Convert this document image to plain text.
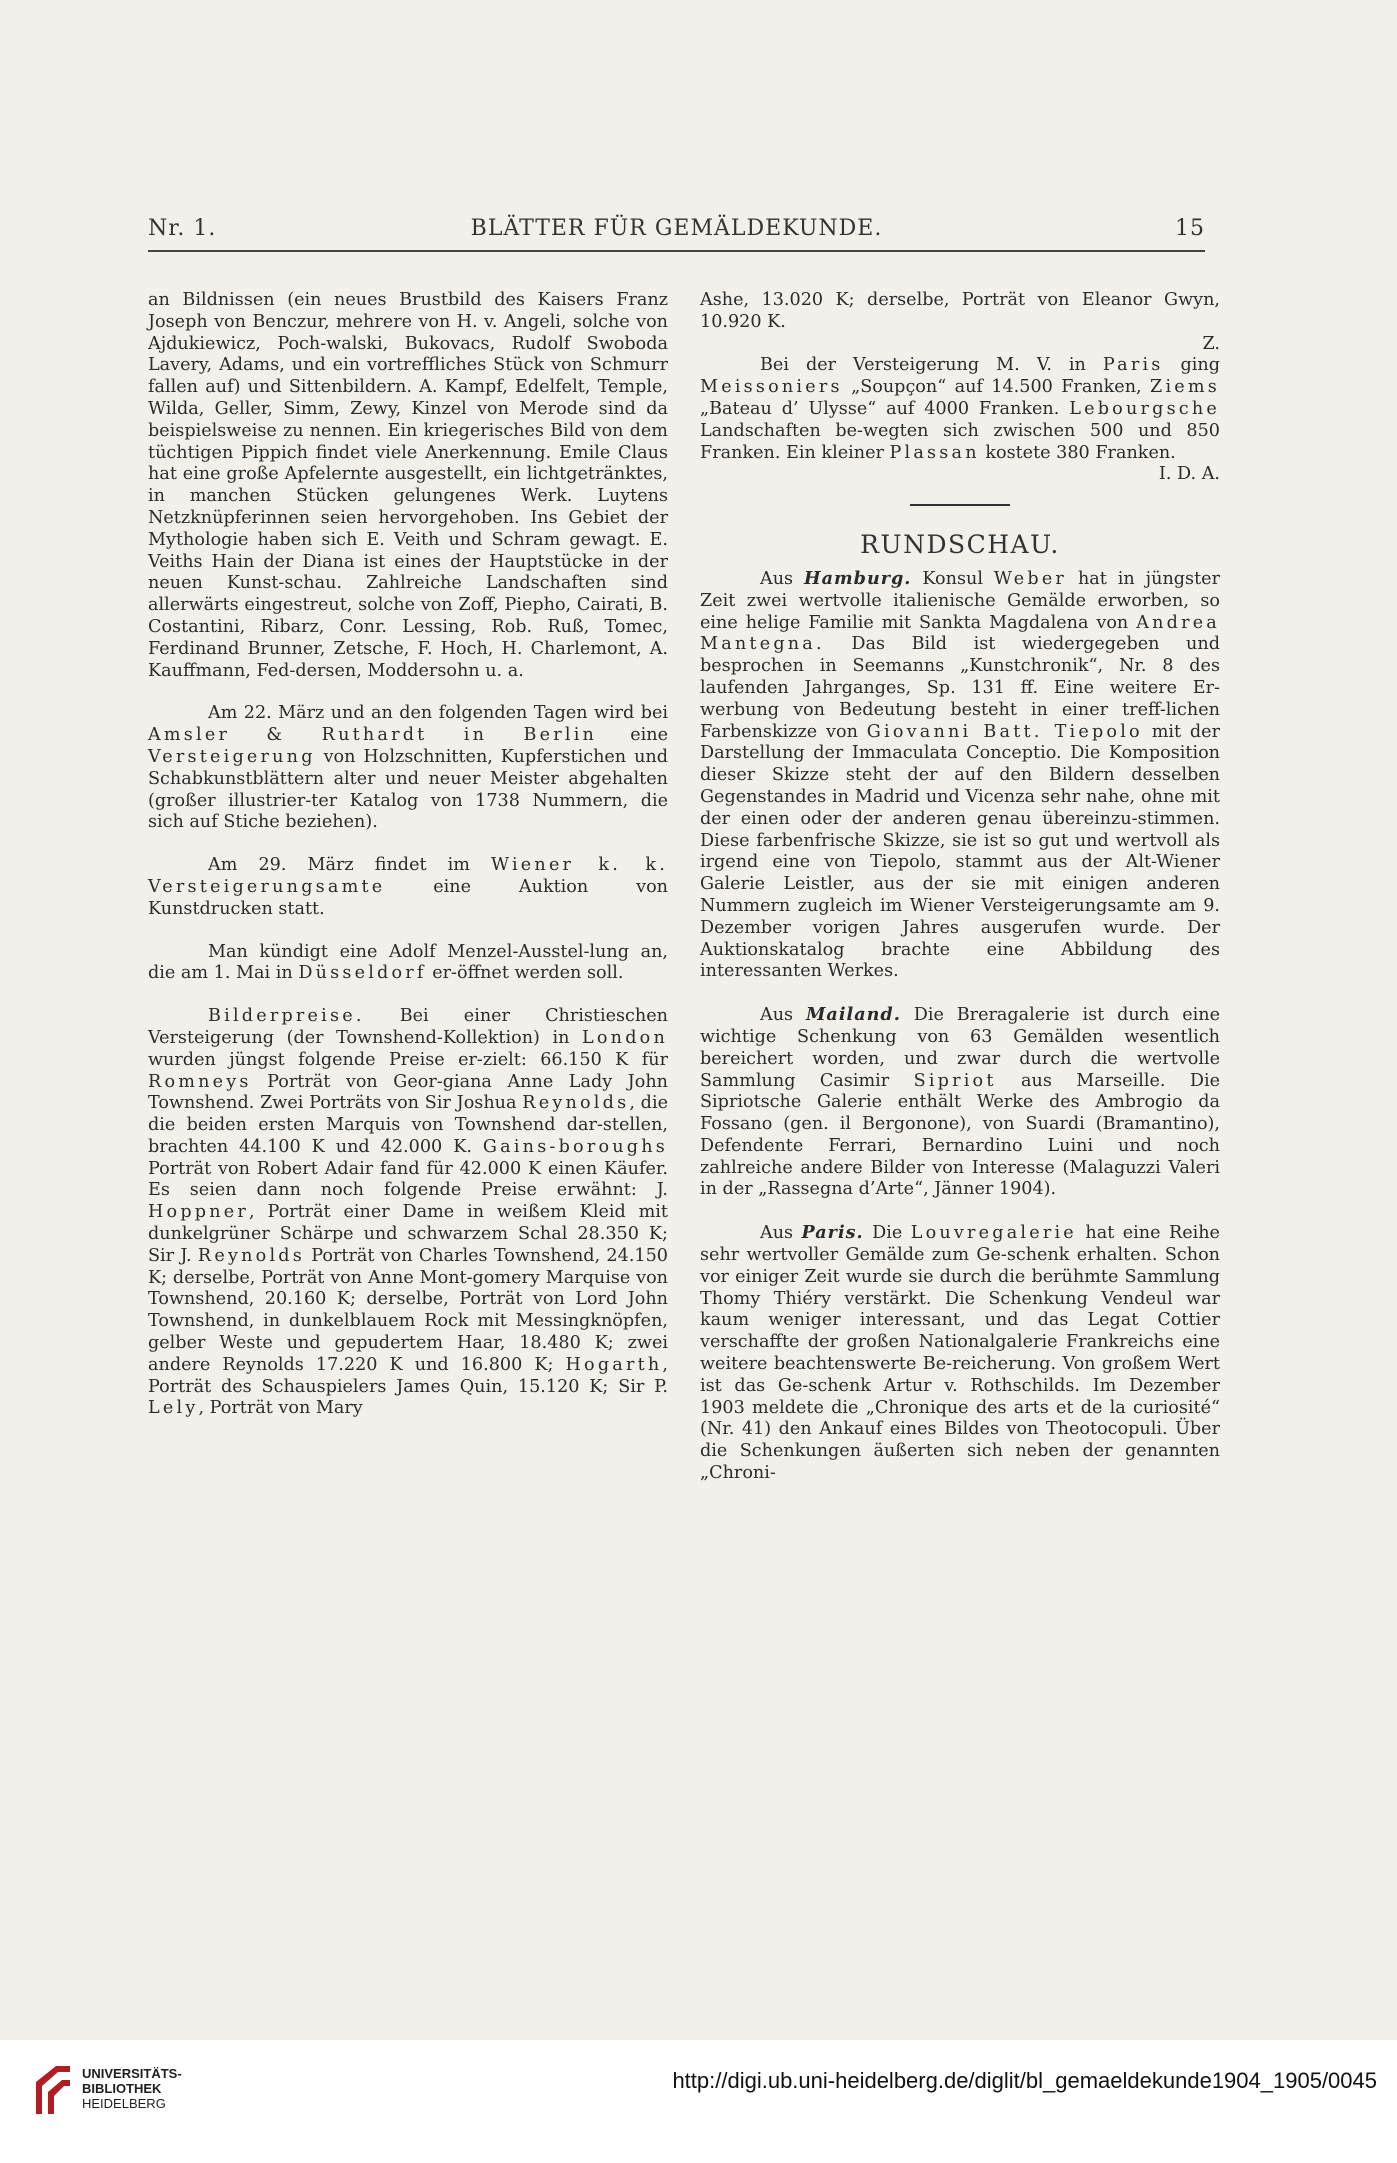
Nr. 1.	BLÄTTER FÜR GEMÄLDEKUNDE.	15

an Bildnissen (ein neues Brustbild des Kaisers Franz Joseph von Benczur, mehrere von H. v. Angeli, solche von Ajdukiewicz, Poch-walski, Bukovacs, Rudolf Swoboda Lavery, Adams, und ein vortreffliches Stück von Schmurr fallen auf) und Sittenbildern. A. Kampf, Edelfelt, Temple, Wilda, Geller, Simm, Zewy, Kinzel von Merode sind da beispielsweise zu nennen. Ein kriegerisches Bild von dem tüchtigen Pippich findet viele Anerkennung. Emile Claus hat eine große Apfelernte ausgestellt, ein lichtgetränktes, in manchen Stücken gelungenes Werk. Luytens Netzknüpferinnen seien hervorgehoben. Ins Gebiet der Mythologie haben sich E. Veith und Schram gewagt. E. Veiths Hain der Diana ist eines der Hauptstücke in der neuen Kunst-schau. Zahlreiche Landschaften sind allerwärts eingestreut, solche von Zoff, Piepho, Cairati, B. Costantini, Ribarz, Conr. Lessing, Rob. Ruß, Tomec, Ferdinand Brunner, Zetsche, F. Hoch, H. Charlemont, A. Kauffmann, Fed-dersen, Moddersohn u. a.

Am 22. März und an den folgenden Tagen wird bei Amsler & Ruthardt in Berlin eine Versteigerung von Holzschnitten, Kupferstichen und Schabkunstblättern alter und neuer Meister abgehalten (großer illustrier-ter Katalog von 1738 Nummern, die sich auf Stiche beziehen).

Am 29. März findet im Wiener k. k. Versteigerungsamte eine Auktion von Kunstdrucken statt.

Man kündigt eine Adolf Menzel-Ausstel-lung an, die am 1. Mai in Düsseldorf er-öffnet werden soll.

Bilderpreise. Bei einer Christieschen Versteigerung (der Townshend-Kollektion) in London wurden jüngst folgende Preise er-zielt: 66.150 K für Romneys Porträt von Geor-giana Anne Lady John Townshend. Zwei Porträts von Sir Joshua Reynolds, die die beiden ersten Marquis von Townshend dar-stellen, brachten 44.100 K und 42.000 K. Gains-boroughs Porträt von Robert Adair fand für 42.000 K einen Käufer. Es seien dann noch folgende Preise erwähnt: J. Hoppner, Porträt einer Dame in weißem Kleid mit dunkelgrüner Schärpe und schwarzem Schal 28.350 K; Sir J. Reynolds Porträt von Charles Townshend, 24.150 K; derselbe, Porträt von Anne Mont-gomery Marquise von Townshend, 20.160 K; derselbe, Porträt von Lord John Townshend, in dunkelblauem Rock mit Messingknöpfen, gelber Weste und gepudertem Haar, 18.480 K; zwei andere Reynolds 17.220 K und 16.800 K; Hogarth, Porträt des Schauspielers James Quin, 15.120 K; Sir P. Lely, Porträt von Mary

Ashe, 13.020 K; derselbe, Porträt von Eleanor Gwyn, 10.920 K.

Z.

Bei der Versteigerung M. V. in Paris ging Meissoniers „Soupçon“ auf 14.500 Franken, Ziems „Bateau d’ Ulysse“ auf 4000 Franken. Lebourgsche Landschaften be-wegten sich zwischen 500 und 850 Franken. Ein kleiner Plassan kostete 380 Franken.

I. D. A.

RUNDSCHAU.

Aus Hamburg. Konsul Weber hat in jüngster Zeit zwei wertvolle italienische Gemälde erworben, so eine helige Familie mit Sankta Magdalena von Andrea Mantegna. Das Bild ist wiedergegeben und besprochen in Seemanns „Kunstchronik“, Nr. 8 des laufenden Jahrganges, Sp. 131 ff. Eine weitere Er-werbung von Bedeutung besteht in einer treff-lichen Farbenskizze von Giovanni Batt. Tiepolo mit der Darstellung der Immaculata Conceptio. Die Komposition dieser Skizze steht der auf den Bildern desselben Gegenstandes in Madrid und Vicenza sehr nahe, ohne mit der einen oder der anderen genau übereinzu-stimmen. Diese farbenfrische Skizze, sie ist so gut und wertvoll als irgend eine von Tiepolo, stammt aus der Alt-Wiener Galerie Leistler, aus der sie mit einigen anderen Nummern zugleich im Wiener Versteigerungsamte am 9. Dezember vorigen Jahres ausgerufen wurde. Der Auktionskatalog brachte eine Abbildung des interessanten Werkes.

Aus Mailand. Die Breragalerie ist durch eine wichtige Schenkung von 63 Gemälden wesentlich bereichert worden, und zwar durch die wertvolle Sammlung Casimir Sipriot aus Marseille. Die Sipriotsche Galerie enthält Werke des Ambrogio da Fossano (gen. il Bergonone), von Suardi (Bramantino), Defendente Ferrari, Bernardino Luini und noch zahlreiche andere Bilder von Interesse (Malaguzzi Valeri in der „Rassegna d’Arte“, Jänner 1904).

Aus Paris. Die Louvregalerie hat eine Reihe sehr wertvoller Gemälde zum Ge-schenk erhalten. Schon vor einiger Zeit wurde sie durch die berühmte Sammlung Thomy Thiéry verstärkt. Die Schenkung Vendeul war kaum weniger interessant, und das Legat Cottier verschaffte der großen Nationalgalerie Frankreichs eine weitere beachtenswerte Be-reicherung. Von großem Wert ist das Ge-schenk Artur v. Rothschilds. Im Dezember 1903 meldete die „Chronique des arts et de la curiosité“ (Nr. 41) den Ankauf eines Bildes von Theotocopuli. Über die Schenkungen äußerten sich neben der genannten „Chroni-

UNIVERSITÄTS-
BIBLIOTHEK
HEIDELBERG
http://digi.ub.uni-heidelberg.de/diglit/bl_gemaeldekunde1904_1905/0045
